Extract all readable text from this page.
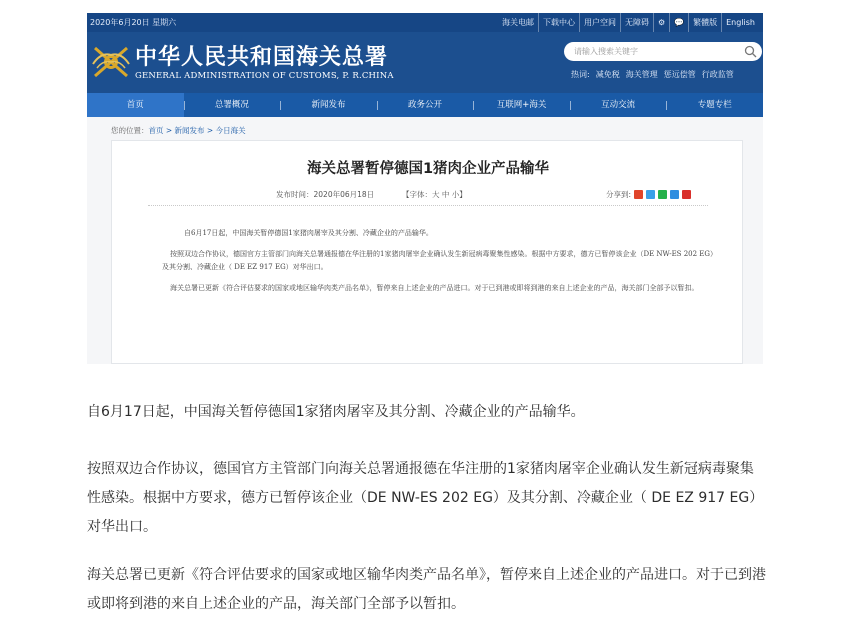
2020年6月20日 星期六	海关电邮	下载中心	用户空间	无障碍	⚙	💬	繁體版	English
中华人民共和国海关总署
GENERAL ADMINISTRATION OF CUSTOMS, P. R.CHINA
请输入搜索关键字	热词: 减免税 海关管理 惩远偿管 行政监管
首页	总署概况	新闻发布	政务公开	互联网+海关	互动交流	专题专栏
您的位置：首页 > 新闻发布 > 今日海关
海关总署暂停德国1猪肉企业产品输华
发布时间：2020年06月18日	【字体：大 中 小】	分享到:

自6月17日起，中国海关暂停德国1家猪肉屠宰及其分割、冷藏企业的产品输华。

按照双边合作协议，德国官方主管部门向海关总署通报德在华注册的1家猪肉屠宰企业确认发生新冠病毒聚集性感染。根据中方要求，德方已暂停该企业（DE NW-ES 202 EG）及其分割、冷藏企业（ DE EZ 917 EG）对华出口。

海关总署已更新《符合评估要求的国家或地区输华肉类产品名单》，暂停来自上述企业的产品进口。对于已到港或即将到港的来自上述企业的产品，海关部门全部予以暂扣。

自6月17日起，中国海关暂停德国1家猪肉屠宰及其分割、冷藏企业的产品输华。

按照双边合作协议，德国官方主管部门向海关总署通报德在华注册的1家猪肉屠宰企业确认发生新冠病毒聚集性感染。根据中方要求，德方已暂停该企业（DE NW-ES 202 EG）及其分割、冷藏企业（ DE EZ 917 EG）对华出口。

海关总署已更新《符合评估要求的国家或地区输华肉类产品名单》，暂停来自上述企业的产品进口。对于已到港或即将到港的来自上述企业的产品，海关部门全部予以暂扣。
